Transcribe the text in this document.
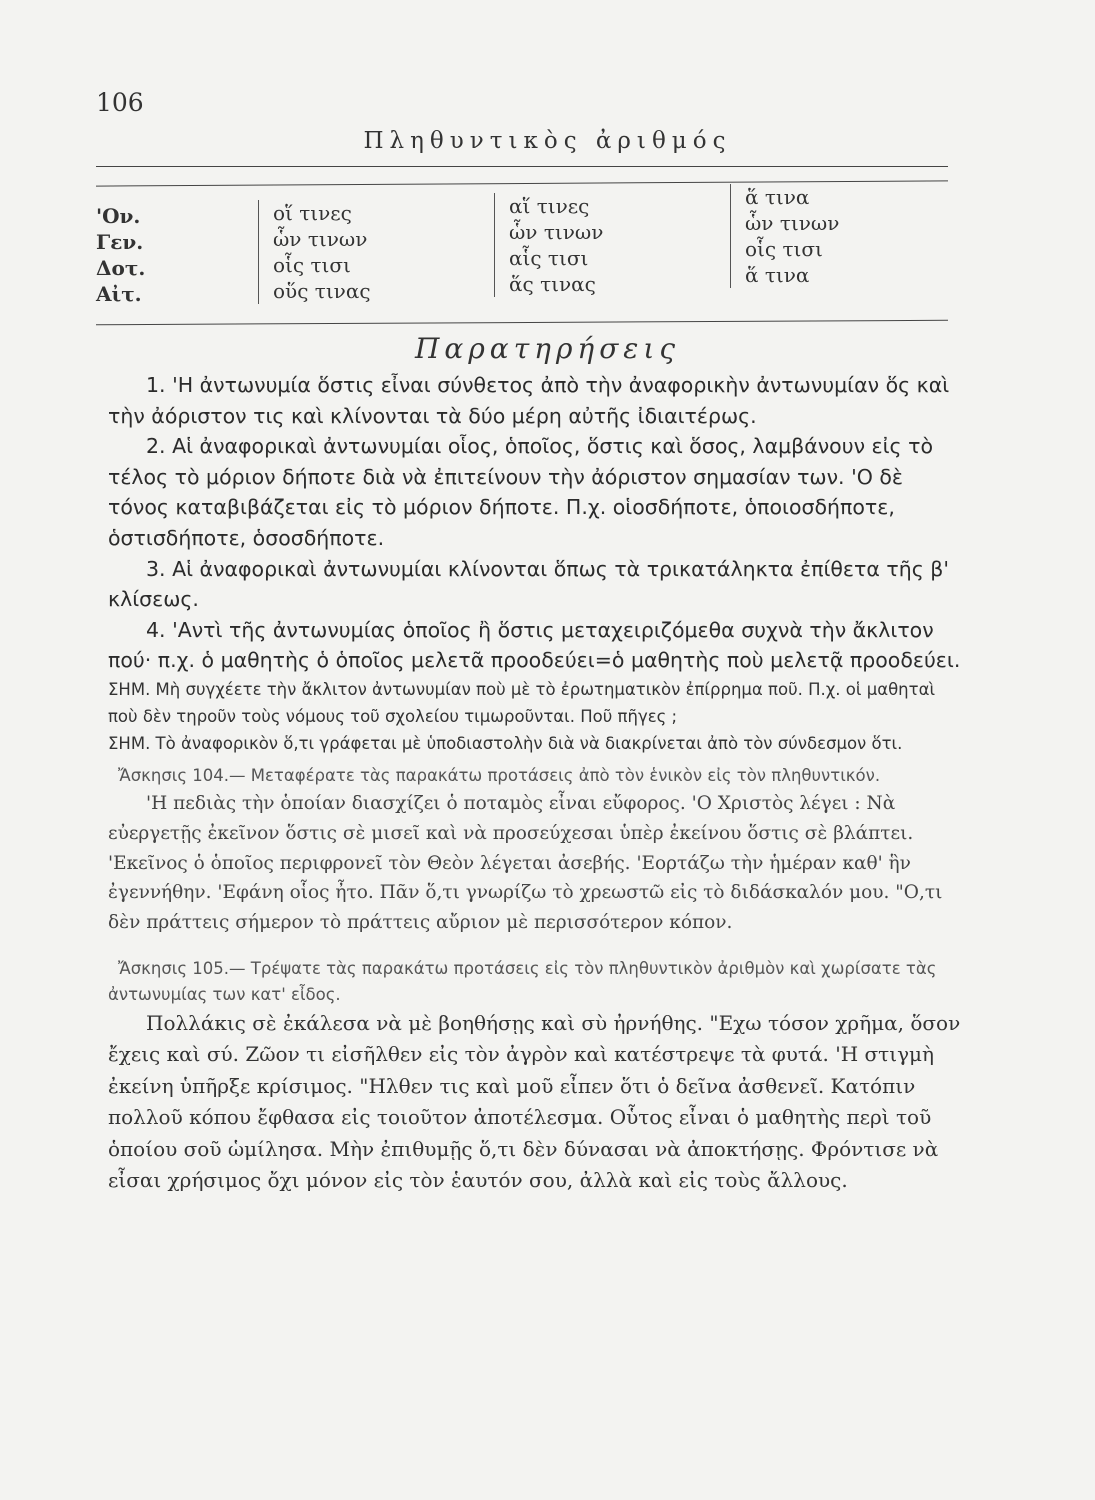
106
Πληθυντικὸς ἀριθμός
'Ον.
Γεν.
Δοτ.
Αἰτ.
οἵ τινες
ὧν τινων
οἷς τισι
οὕς τινας
αἵ τινες
ὧν τινων
αἷς τισι
ἅς τινας
ἅ τινα
ὧν τινων
οἷς τισι
ἅ τινα
Παρατηρήσεις

1. 'Η ἀντωνυμία ὅστις εἶναι σύνθετος ἀπὸ τὴν ἀναφορικὴν ἀντωνυμίαν ὅς καὶ τὴν ἀόριστον τις καὶ κλίνονται τὰ δύο μέρη αὐτῆς ἰδιαιτέρως.

2. Αἱ ἀναφορικαὶ ἀντωνυμίαι οἷος, ὁποῖος, ὅστις καὶ ὅσος, λαμβάνουν εἰς τὸ τέλος τὸ μόριον δήποτε διὰ νὰ ἐπιτείνουν τὴν ἀόριστον σημασίαν των. 'Ο δὲ τόνος καταβιβάζεται εἰς τὸ μόριον δήποτε. Π.χ. οἱοσδήποτε, ὁποιοσδήποτε, ὁστισδήποτε, ὁσοσδήποτε.

3. Αἱ ἀναφορικαὶ ἀντωνυμίαι κλίνονται ὅπως τὰ τρικατάληκτα ἐπίθετα τῆς β' κλίσεως.

4. 'Αντὶ τῆς ἀντωνυμίας ὁποῖος ἢ ὅστις μεταχειριζόμεθα συχνὰ τὴν ἄκλιτον πού· π.χ. ὁ μαθητὴς ὁ ὁποῖος μελετᾶ προοδεύει=ὁ μαθητὴς ποὺ μελετᾷ προοδεύει.

ΣΗΜ. Μὴ συγχέετε τὴν ἄκλιτον ἀντωνυμίαν ποὺ μὲ τὸ ἐρωτηματικὸν ἐπίρρημα ποῦ. Π.χ. οἱ μαθηταὶ ποὺ δὲν τηροῦν τοὺς νόμους τοῦ σχολείου τιμωροῦνται. Ποῦ πῆγες ;

ΣΗΜ. Τὸ ἀναφορικὸν ὅ,τι γράφεται μὲ ὑποδιαστολὴν διὰ νὰ διακρίνεται ἀπὸ τὸν σύνδεσμον ὅτι.

Ἄσκησις 104.— Μεταφέρατε τὰς παρακάτω προτάσεις ἀπὸ τὸν ἑνικὸν εἰς τὸν πληθυντικόν.

'Η πεδιὰς τὴν ὁποίαν διασχίζει ὁ ποταμὸς εἶναι εὔφορος. 'Ο Χριστὸς λέγει : Νὰ εὐεργετῇς ἐκεῖνον ὅστις σὲ μισεῖ καὶ νὰ προσεύχεσαι ὑπὲρ ἐκείνου ὅστις σὲ βλάπτει. 'Εκεῖνος ὁ ὁποῖος περιφρονεῖ τὸν Θεὸν λέγεται ἀσεβής. 'Εορτάζω τὴν ἡμέραν καθ' ἣν ἐγεννήθην. 'Εφάνη οἷος ἦτο. Πᾶν ὅ,τι γνωρίζω τὸ χρεωστῶ εἰς τὸ διδάσκαλόν μου. "Ο,τι δὲν πράττεις σήμερον τὸ πράττεις αὔριον μὲ περισσότερον κόπον.

Ἄσκησις 105.— Τρέψατε τὰς παρακάτω προτάσεις εἰς τὸν πληθυντικὸν ἀριθμὸν καὶ χωρίσατε τὰς ἀντωνυμίας των κατ' εἶδος.

Πολλάκις σὲ ἐκάλεσα νὰ μὲ βοηθήσῃς καὶ σὺ ἠρνήθης. "Εχω τόσον χρῆμα, ὅσον ἔχεις καὶ σύ. Ζῶον τι εἰσῆλθεν εἰς τὸν ἀγρὸν καὶ κατέστρεψε τὰ φυτά. 'Η στιγμὴ ἐκείνη ὑπῆρξε κρίσιμος. "Ηλθεν τις καὶ μοῦ εἶπεν ὅτι ὁ δεῖνα ἀσθενεῖ. Κατόπιν πολλοῦ κόπου ἔφθασα εἰς τοιοῦτον ἀποτέλεσμα. Οὗτος εἶναι ὁ μαθητὴς περὶ τοῦ ὁποίου σοῦ ὡμίλησα. Μὴν ἐπιθυμῇς ὅ,τι δὲν δύνασαι νὰ ἀποκτήσῃς. Φρόντισε νὰ εἶσαι χρήσιμος ὄχι μόνον εἰς τὸν ἑαυτόν σου, ἀλλὰ καὶ εἰς τοὺς ἄλλους.
